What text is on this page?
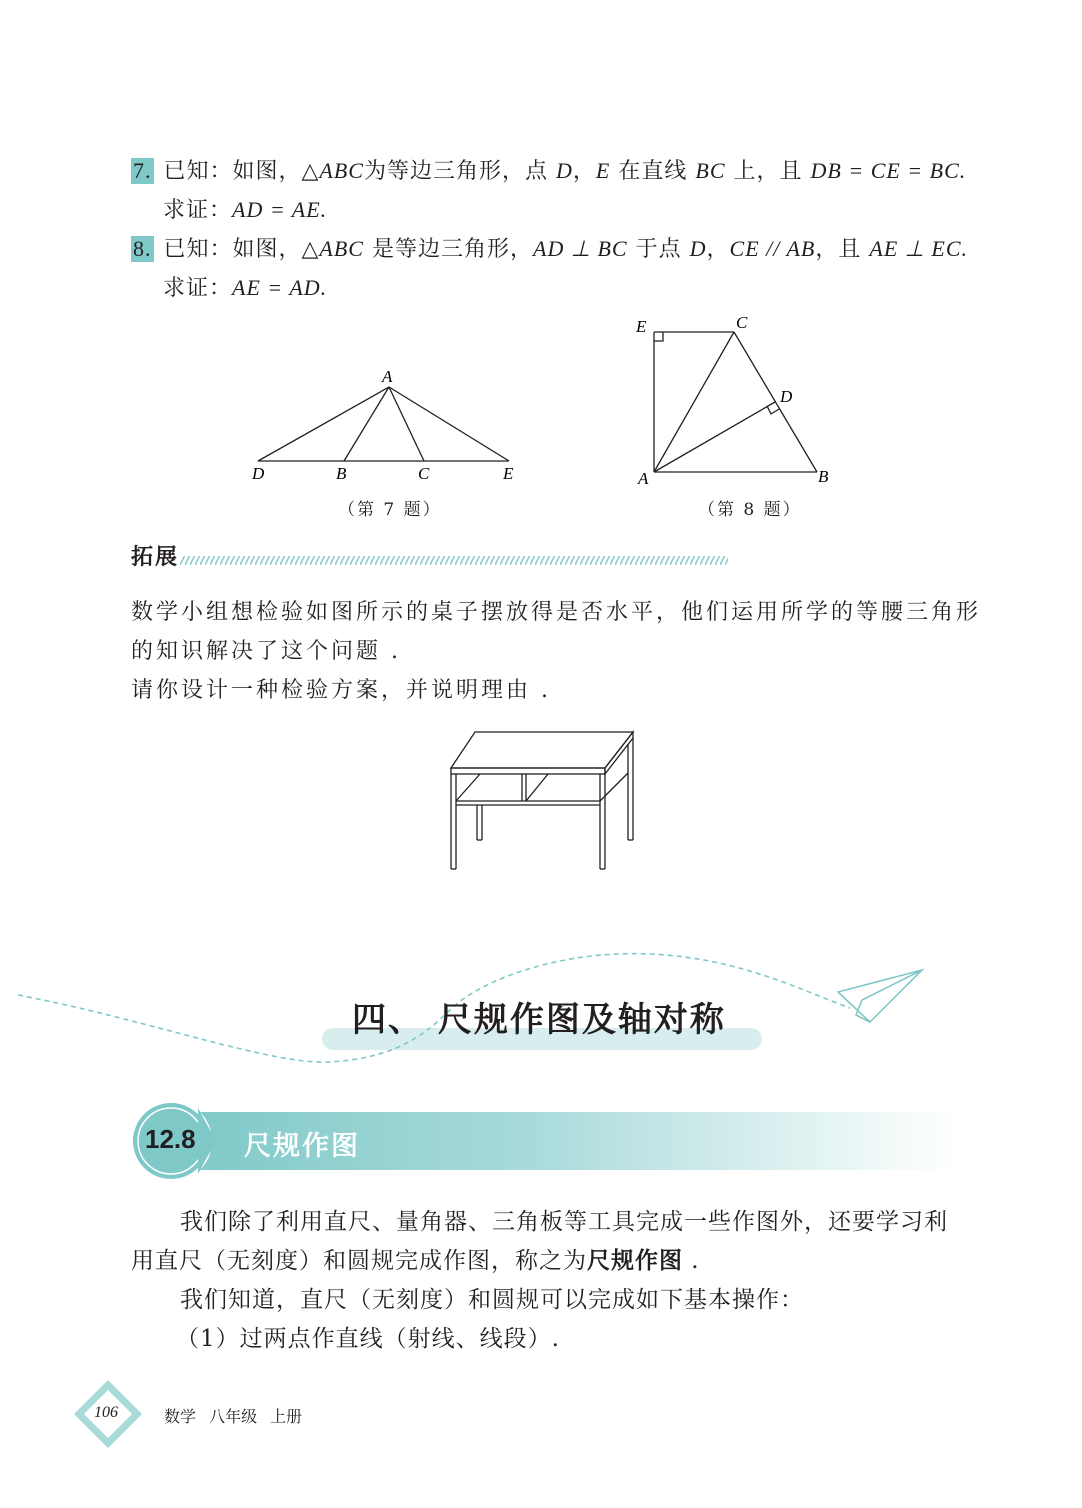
7. 已知：如图，△ABC为等边三角形，点 D，E 在直线 BC 上，且 DB = CE = BC.
求证：AD = AE.
8. 已知：如图，△ABC 是等边三角形，AD ⊥ BC 于点 D，CE // AB，且 AE ⊥ EC.
求证：AE = AD.
A
D	B	C	E
（第 7 题）
E	C
D
A	B
（第 8 题）
拓展
数学小组想检验如图所示的桌子摆放得是否水平，他们运用所学的等腰三角形
的知识解决了这个问题 .
请你设计一种检验方案，并说明理由 .
四、 尺规作图及轴对称
12.8 尺规作图
我们除了利用直尺、量角器、三角板等工具完成一些作图外，还要学习利
用直尺（无刻度）和圆规完成作图，称之为尺规作图 .
我们知道，直尺（无刻度）和圆规可以完成如下基本操作：
（1）过两点作直线（射线、线段）.
106	数学 八年级 上册
